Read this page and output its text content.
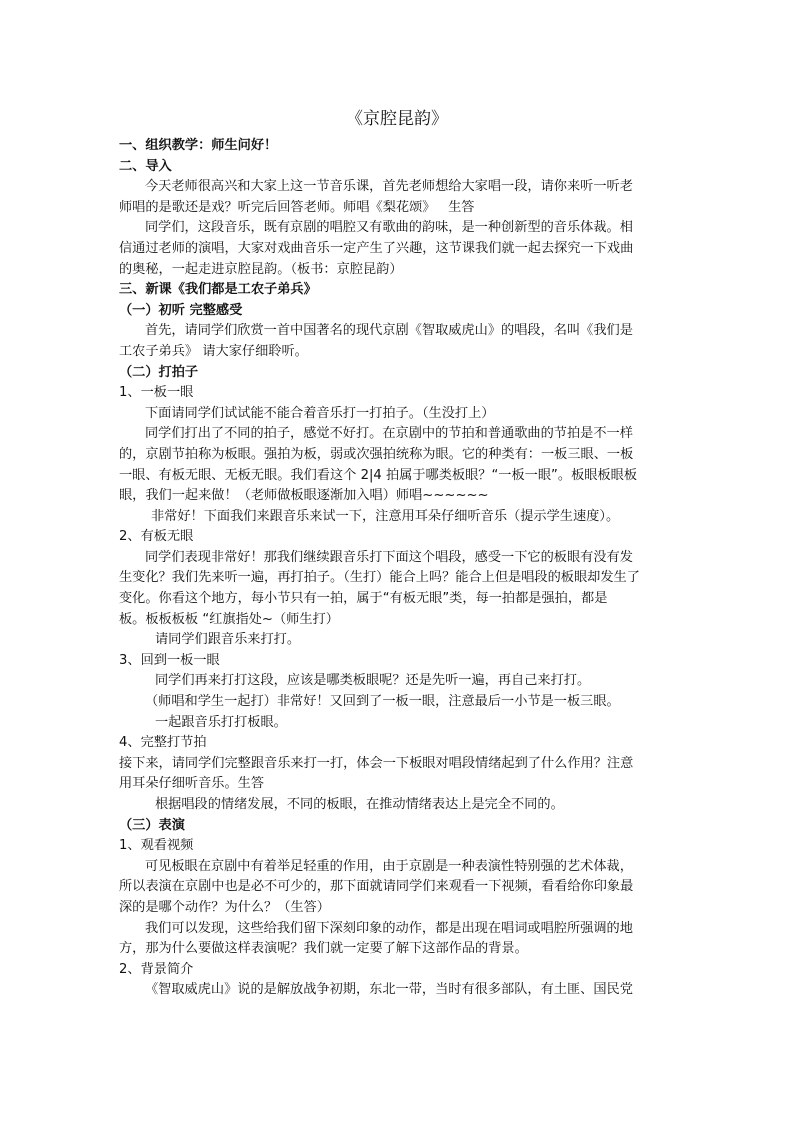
《京腔昆韵》
一、组织教学：师生问好！
二、导入
今天老师很高兴和大家上这一节音乐课，首先老师想给大家唱一段，请你来听一听老
师唱的是歌还是戏？听完后回答老师。师唱《梨花颂》   生答
同学们，这段音乐，既有京剧的唱腔又有歌曲的韵味，是一种创新型的音乐体裁。相
信通过老师的演唱，大家对戏曲音乐一定产生了兴趣，这节课我们就一起去探究一下戏曲
的奥秘，一起走进京腔昆韵。（板书：京腔昆韵）
三、新课《我们都是工农子弟兵》
（一）初听 完整感受
首先，请同学们欣赏一首中国著名的现代京剧《智取威虎山》的唱段，名叫《我们是
工农子弟兵》 请大家仔细聆听。
（二）打拍子
1、一板一眼
下面请同学们试试能不能合着音乐打一打拍子。（生没打上）
同学们打出了不同的拍子，感觉不好打。在京剧中的节拍和普通歌曲的节拍是不一样
的，京剧节拍称为板眼。强拍为板，弱或次强拍统称为眼。它的种类有：一板三眼、一板
一眼、有板无眼、无板无眼。我们看这个 2|4 拍属于哪类板眼？“一板一眼”。板眼板眼板
眼，我们一起来做！（老师做板眼逐渐加入唱）师唱~~~~~~
非常好！下面我们来跟音乐来试一下，注意用耳朵仔细听音乐（提示学生速度）。
2、有板无眼
同学们表现非常好！那我们继续跟音乐打下面这个唱段，感受一下它的板眼有没有发
生变化？我们先来听一遍，再打拍子。（生打）能合上吗？能合上但是唱段的板眼却发生了
变化。你看这个地方，每小节只有一拍，属于“有板无眼”类，每一拍都是强拍，都是
板。板板板板 “红旗指处~（师生打）
请同学们跟音乐来打打。
3、回到一板一眼
同学们再来打打这段，应该是哪类板眼呢？还是先听一遍，再自己来打打。
（师唱和学生一起打）非常好！又回到了一板一眼，注意最后一小节是一板三眼。
一起跟音乐打打板眼。
4、完整打节拍
接下来，请同学们完整跟音乐来打一打，体会一下板眼对唱段情绪起到了什么作用？注意
用耳朵仔细听音乐。生答
根据唱段的情绪发展，不同的板眼，在推动情绪表达上是完全不同的。
（三）表演
1、观看视频
可见板眼在京剧中有着举足轻重的作用，由于京剧是一种表演性特别强的艺术体裁，
所以表演在京剧中也是必不可少的，那下面就请同学们来观看一下视频，看看给你印象最
深的是哪个动作？为什么？（生答）
我们可以发现，这些给我们留下深刻印象的动作，都是出现在唱词或唱腔所强调的地
方，那为什么要做这样表演呢？我们就一定要了解下这部作品的背景。
2、背景简介
《智取威虎山》说的是解放战争初期，东北一带，当时有很多部队，有土匪、国民党
